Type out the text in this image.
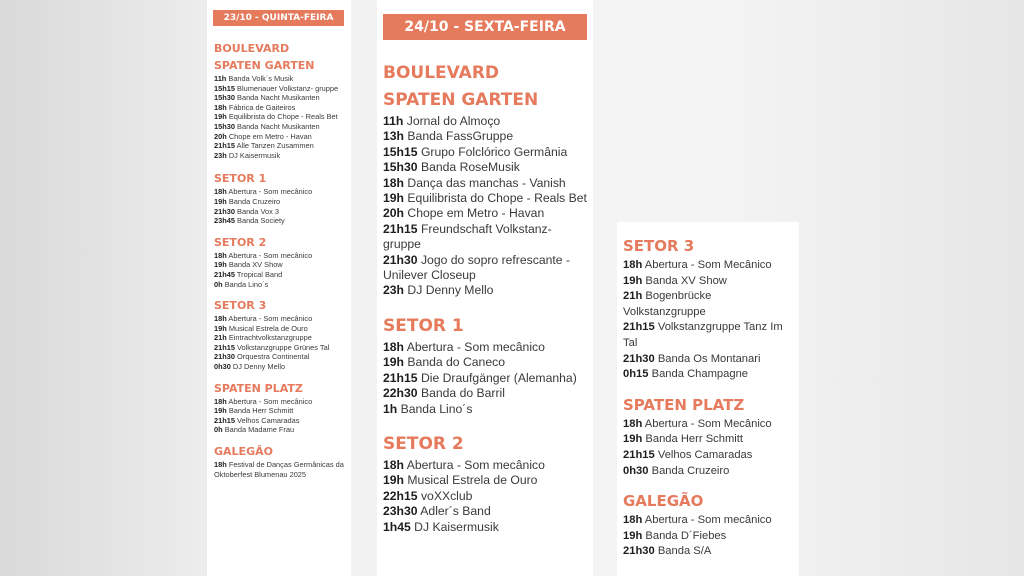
23/10 - QUINTA-FEIRA
BOULEVARD
SPATEN GARTEN
11h Banda Volk´s Musik
15h15 Blumenauer Volkstanz- gruppe
15h30 Banda Nacht Musikanten
18h Fábrica de Gaiteiros
19h Equilibrista do Chope - Reals Bet
15h30 Banda Nacht Musikanten
20h Chope em Metro - Havan
21h15 Alle Tanzen Zusammen
23h DJ Kaisermusik
SETOR 1
18h Abertura - Som mecânico
19h Banda Cruzeiro
21h30 Banda Vox 3
23h45 Banda Society
SETOR 2
18h Abertura - Som mecânico
19h Banda XV Show
21h45 Tropical Band
0h Banda Lino´s
SETOR 3
18h Abertura - Som mecânico
19h Musical Estrela de Ouro
21h Eintrachtvolkstanzgruppe
21h15 Volkstanzgruppe Grünes Tal
21h30 Orquestra Continental
0h30 DJ Denny Mello
SPATEN PLATZ
18h Abertura - Som mecânico
19h Banda Herr Schmitt
21h15 Velhos Camaradas
0h Banda Madame Frau
GALEGÃO
18h Festival de Danças Germânicas da Oktoberfest Blumenau 2025
24/10 - SEXTA-FEIRA
BOULEVARD
SPATEN GARTEN
11h Jornal do Almoço
13h Banda FassGruppe
15h15 Grupo Folclórico Germânia
15h30 Banda RoseMusik
18h Dança das manchas - Vanish
19h Equilibrista do Chope - Reals Bet
20h Chope em Metro - Havan
21h15 Freundschaft Volkstanz- gruppe
21h30 Jogo do sopro refrescante - Unilever Closeup
23h DJ Denny Mello
SETOR 1
18h Abertura - Som mecânico
19h Banda do Caneco
21h15 Die Draufgänger (Alemanha)
22h30 Banda do Barril
1h Banda Lino´s
SETOR 2
18h Abertura - Som mecânico
19h Musical Estrela de Ouro
22h15 voXXclub
23h30 Adler´s Band
1h45 DJ Kaisermusik
SETOR 3
18h Abertura - Som Mecânico
19h Banda XV Show
21h Bogenbrücke Volkstanzgruppe
21h15 Volkstanzgruppe Tanz Im Tal
21h30 Banda Os Montanari
0h15 Banda Champagne
SPATEN PLATZ
18h Abertura - Som Mecânico
19h Banda Herr Schmitt
21h15 Velhos Camaradas
0h30 Banda Cruzeiro
GALEGÃO
18h Abertura - Som mecânico
19h Banda D´Fiebes
21h30 Banda S/A
